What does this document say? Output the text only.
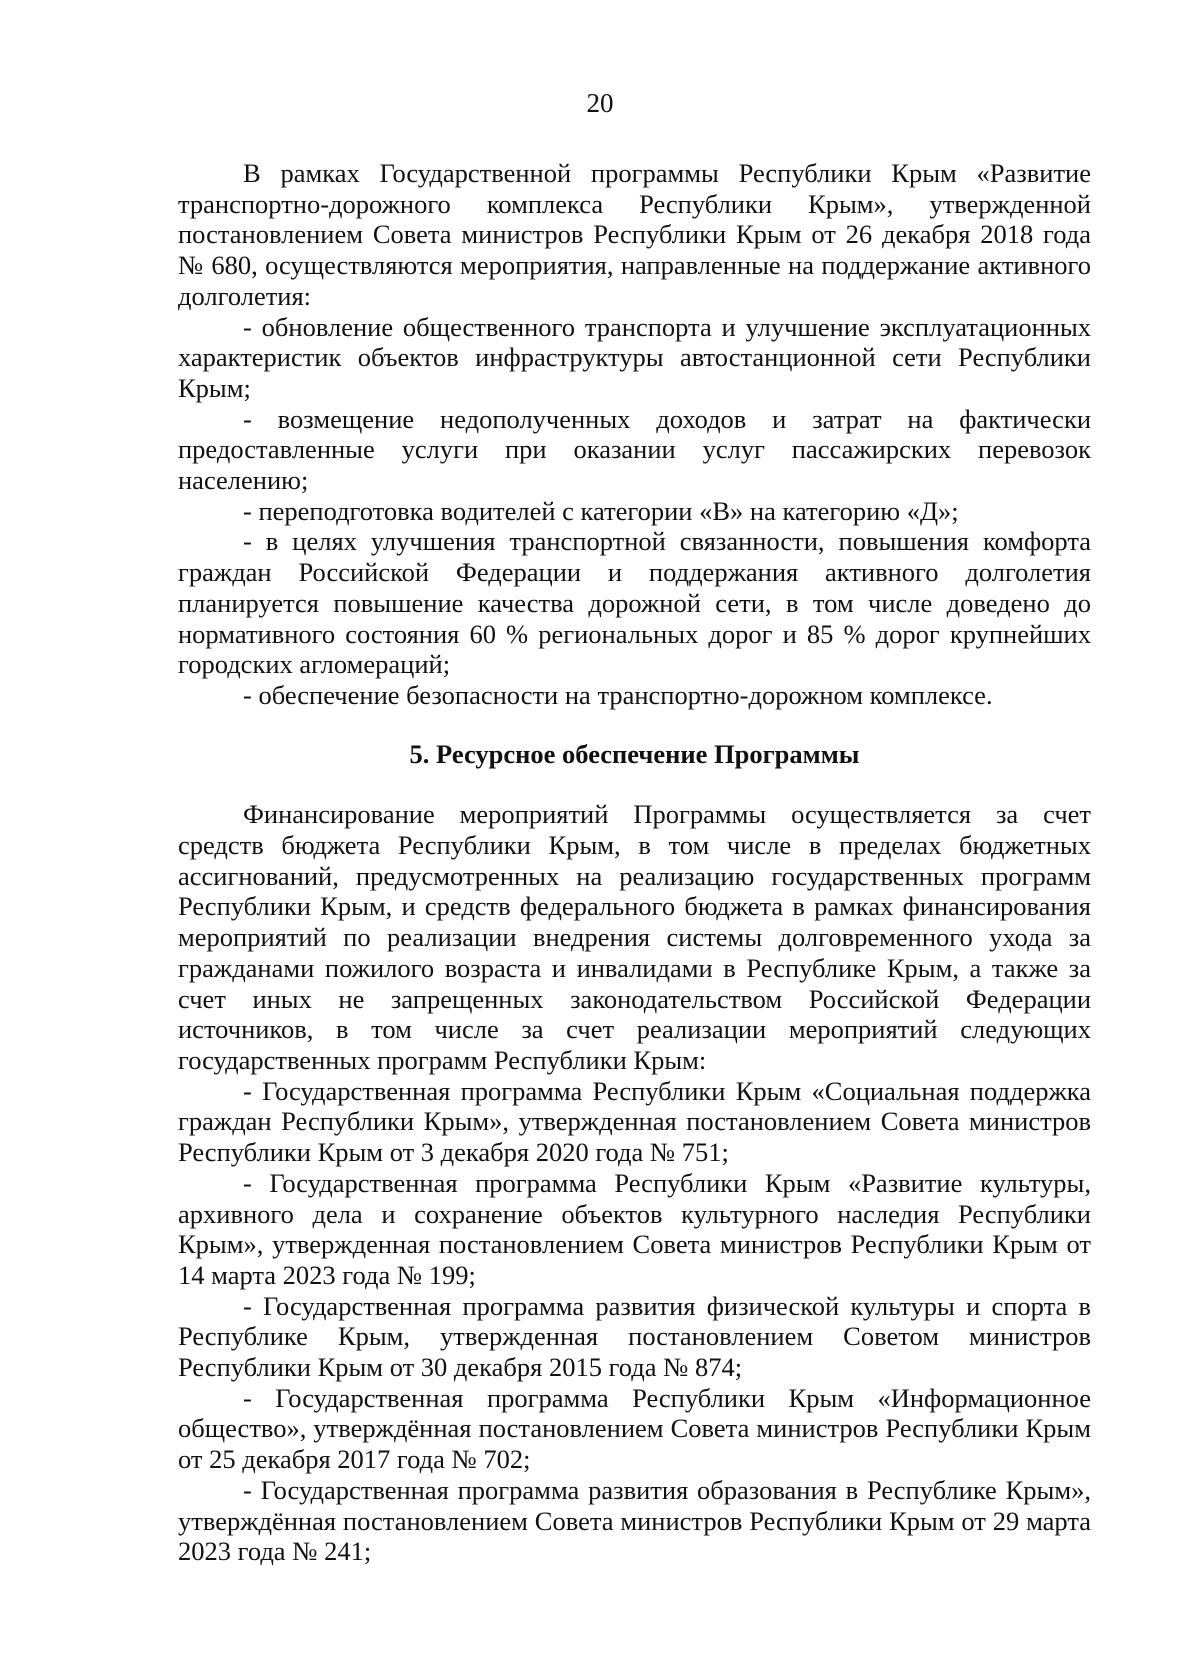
20

В рамках Государственной программы Республики Крым «Развитие транспортно-дорожного комплекса Республики Крым», утвержденной постановлением Совета министров Республики Крым от 26 декабря 2018 года № 680, осуществляются мероприятия, направленные на поддержание активного долголетия:

- обновление общественного транспорта и улучшение эксплуатационных характеристик объектов инфраструктуры автостанционной сети Республики Крым;

- возмещение недополученных доходов и затрат на фактически предоставленные услуги при оказании услуг пассажирских перевозок населению;

- переподготовка водителей с категории «В» на категорию «Д»;

- в целях улучшения транспортной связанности, повышения комфорта граждан Российской Федерации и поддержания активного долголетия планируется повышение качества дорожной сети, в том числе доведено до нормативного состояния 60 % региональных дорог и 85 % дорог крупнейших городских агломераций;

- обеспечение безопасности на транспортно-дорожном комплексе.

5. Ресурсное обеспечение Программы

Финансирование мероприятий Программы осуществляется за счет средств бюджета Республики Крым, в том числе в пределах бюджетных ассигнований, предусмотренных на реализацию государственных программ Республики Крым, и средств федерального бюджета в рамках финансирования мероприятий по реализации внедрения системы долговременного ухода за гражданами пожилого возраста и инвалидами в Республике Крым, а также за счет иных не запрещенных законодательством Российской Федерации источников, в том числе за счет реализации мероприятий следующих государственных программ Республики Крым:

- Государственная программа Республики Крым «Социальная поддержка граждан Республики Крым», утвержденная постановлением Совета министров Республики Крым от 3 декабря 2020 года № 751;

- Государственная программа Республики Крым «Развитие культуры, архивного дела и сохранение объектов культурного наследия Республики Крым», утвержденная постановлением Совета министров Республики Крым от 14 марта 2023 года № 199;

- Государственная программа развития физической культуры и спорта в Республике Крым, утвержденная постановлением Советом министров Республики Крым от 30 декабря 2015 года № 874;

- Государственная программа Республики Крым «Информационное общество», утверждённая постановлением Совета министров Республики Крым от 25 декабря 2017 года № 702;

- Государственная программа развития образования в Республике Крым», утверждённая постановлением Совета министров Республики Крым от 29 марта 2023 года № 241;
